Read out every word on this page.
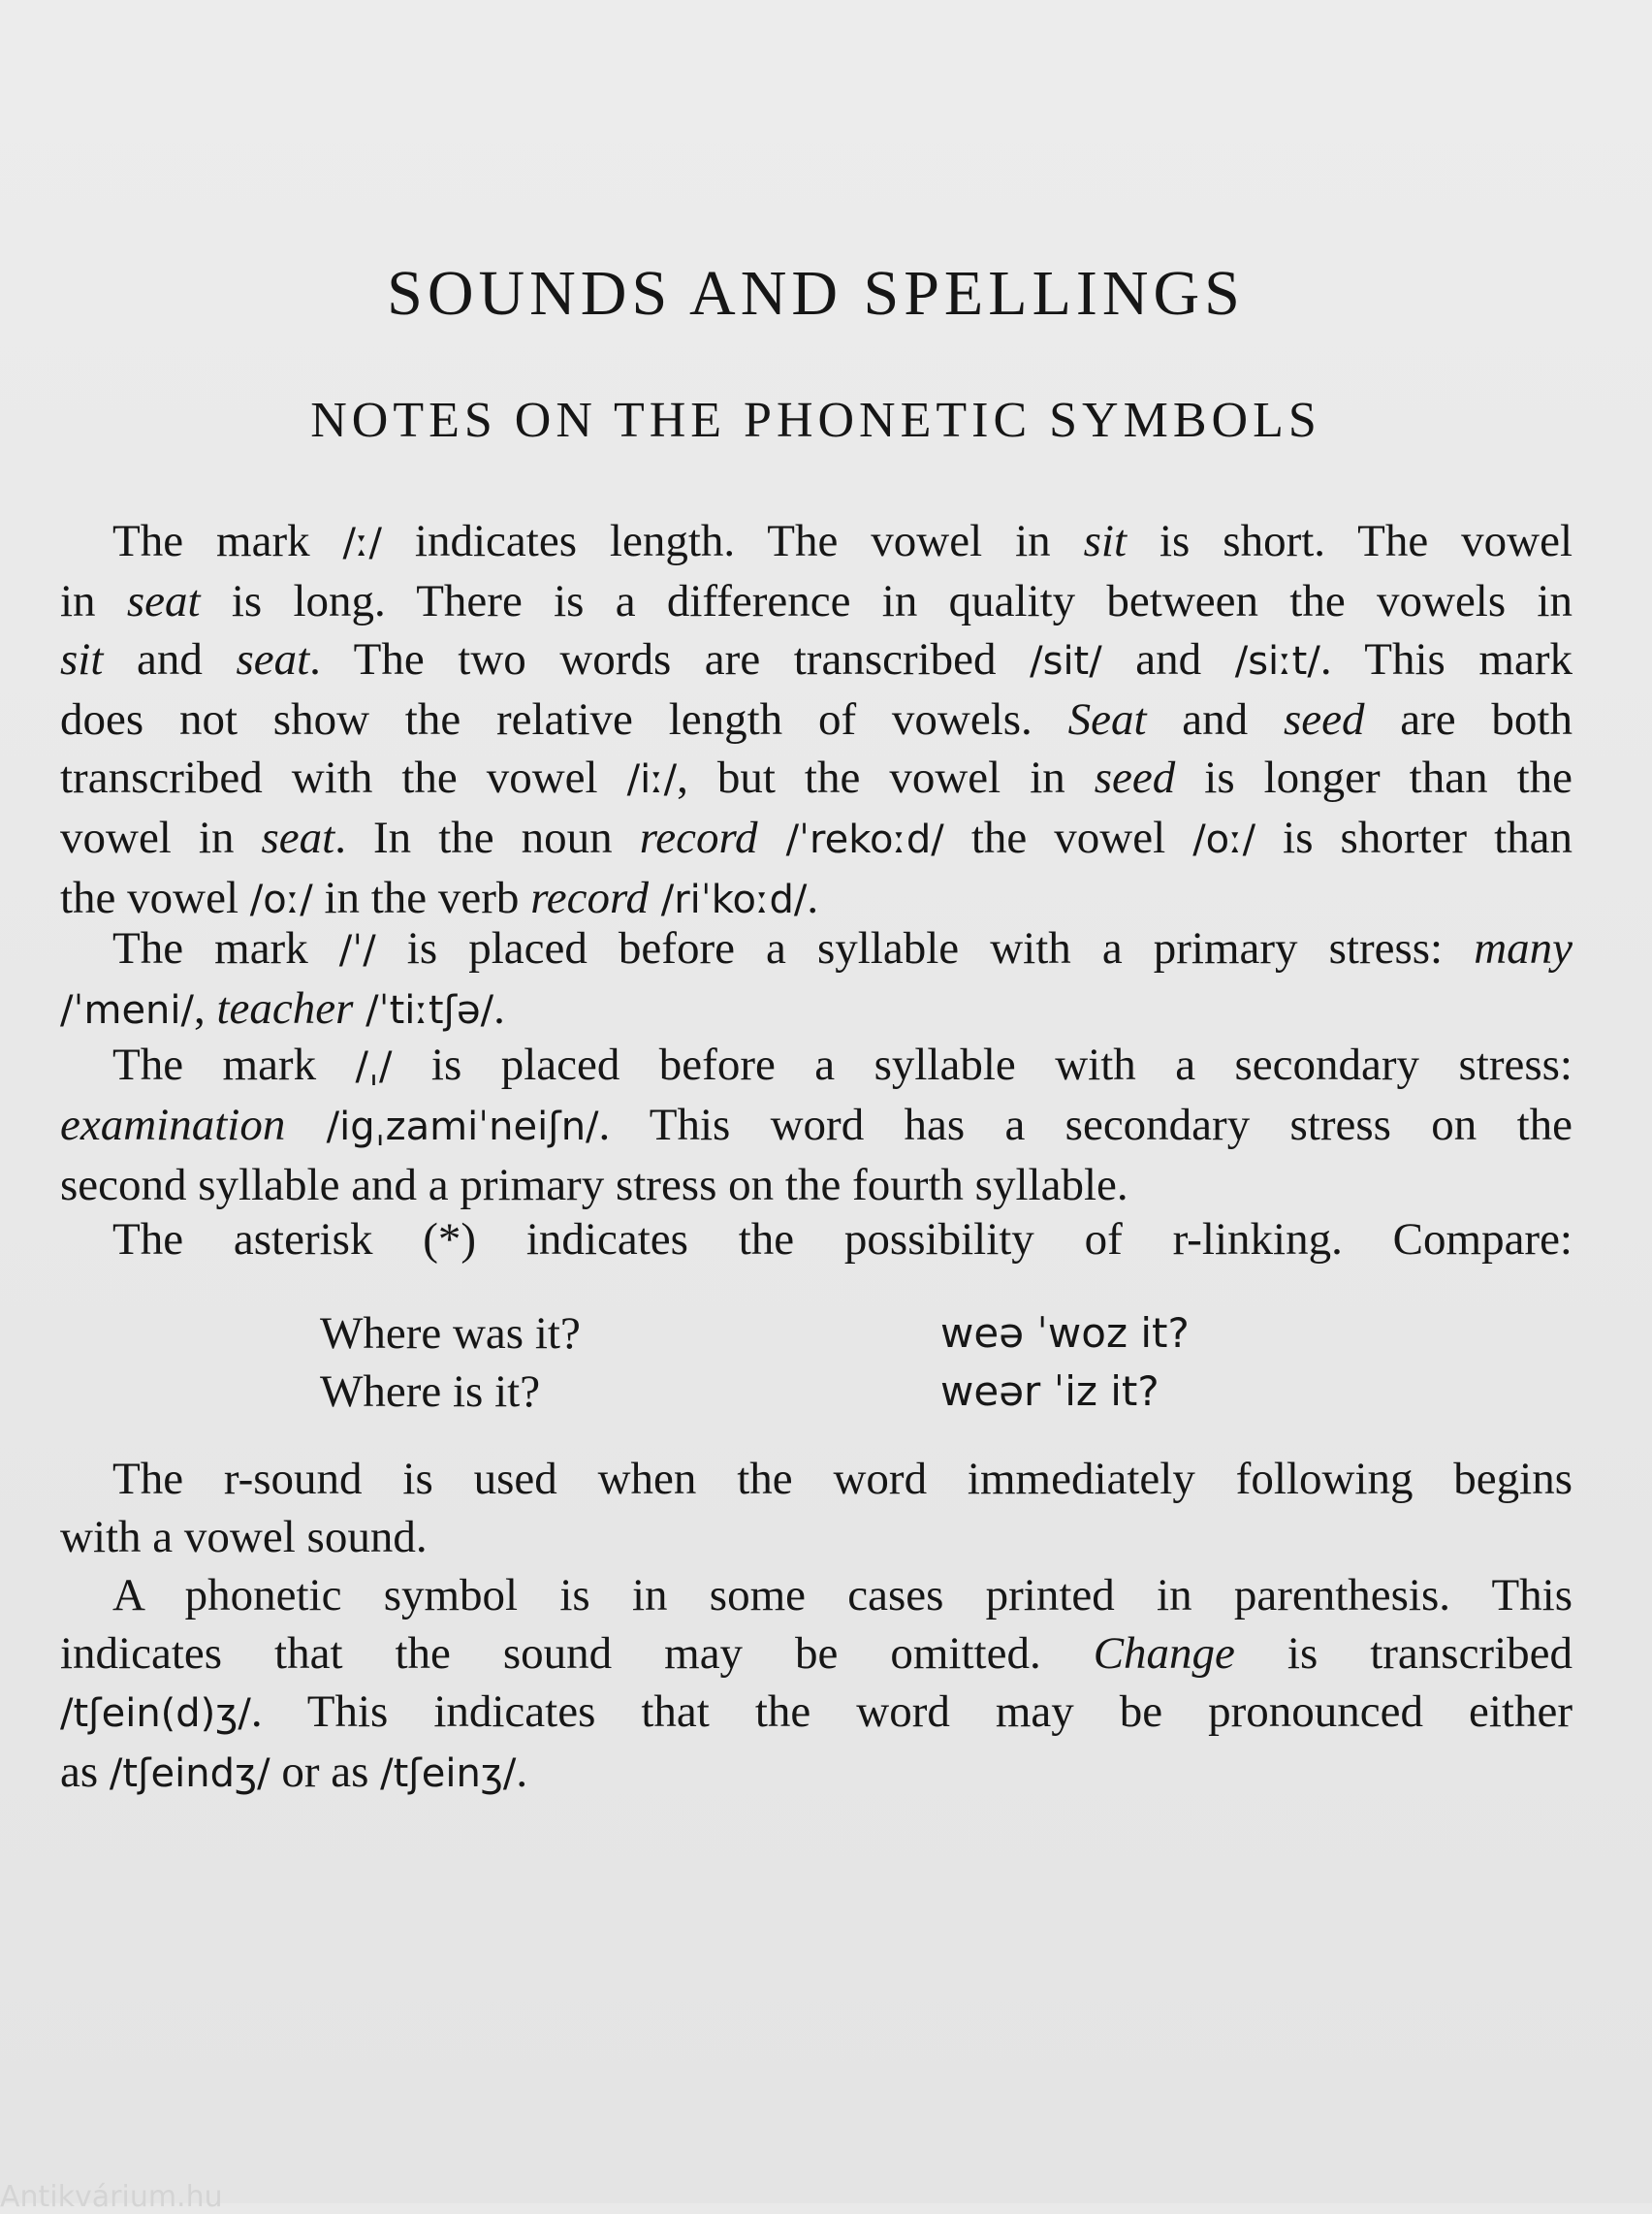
SOUNDS AND SPELLINGS
NOTES ON THE PHONETIC SYMBOLS
The mark /ː/ indicates length. The vowel in sit is short. The vowel
in seat is long. There is a difference in quality between the vowels in
sit and seat. The two words are transcribed /sit/ and /siːt/. This mark
does not show the relative length of vowels. Seat and seed are both
transcribed with the vowel /iː/, but the vowel in seed is longer than the
vowel in seat. In the noun record /ˈrekoːd/ the vowel /oː/ is shorter than
the vowel /oː/ in the verb record /riˈkoːd/.
The mark /ˈ/ is placed before a syllable with a primary stress: many
/ˈmeni/, teacher /ˈtiːtʃə/.
The mark /ˌ/ is placed before a syllable with a secondary stress:
examination /igˌzamiˈneiʃn/. This word has a secondary stress on the
second syllable and a primary stress on the fourth syllable.
The asterisk (*) indicates the possibility of r-linking. Compare:
Where was it?	weə ˈwoz it?
Where is it?	weər ˈiz it?
The r-sound is used when the word immediately following begins
with a vowel sound.
A phonetic symbol is in some cases printed in parenthesis. This
indicates that the sound may be omitted. Change is transcribed
/tʃein(d)ʒ/. This indicates that the word may be pronounced either
as /tʃeindʒ/ or as /tʃeinʒ/.
Antikvárium.hu
